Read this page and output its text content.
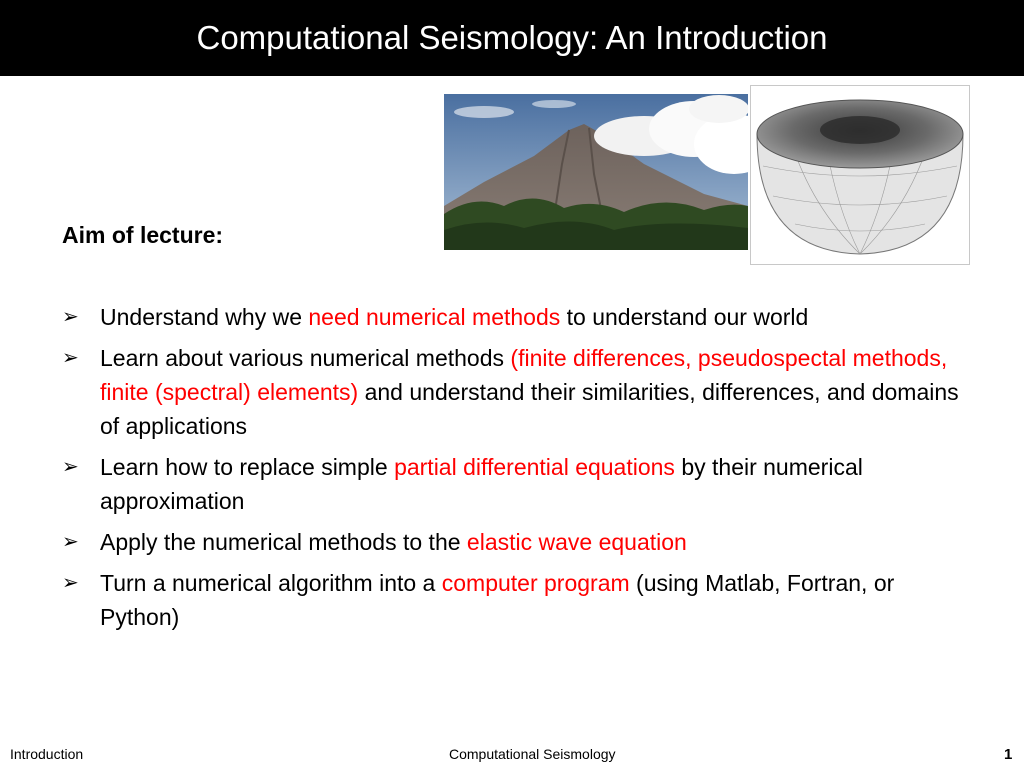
Computational Seismology: An Introduction
Aim of lecture:
➢ Understand why we need numerical methods to understand our world
➢ Learn about various numerical methods (finite differences, pseudospectal methods, finite (spectral) elements) and understand their similarities, differences, and domains of applications
➢ Learn how to replace simple partial differential equations by their numerical approximation
➢ Apply the numerical methods to the elastic wave equation
➢ Turn a numerical algorithm into a computer program (using Matlab, Fortran, or Python)
Introduction	Computational Seismology	1
